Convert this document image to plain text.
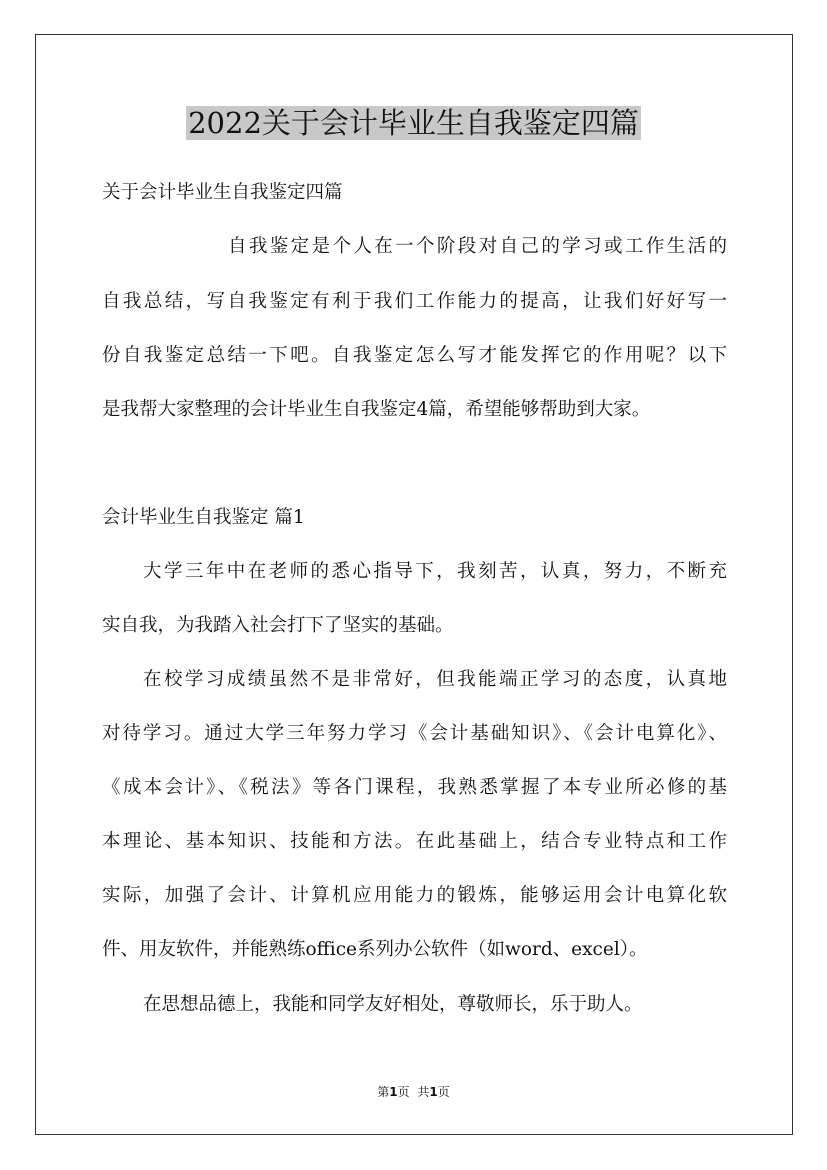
2022关于会计毕业生自我鉴定四篇
关于会计毕业生自我鉴定四篇
自我鉴定是个人在一个阶段对自己的学习或工作生活的
自我总结，写自我鉴定有利于我们工作能力的提高，让我们好好写一
份自我鉴定总结一下吧。自我鉴定怎么写才能发挥它的作用呢？以下
是我帮大家整理的会计毕业生自我鉴定4篇，希望能够帮助到大家。
会计毕业生自我鉴定 篇1
大学三年中在老师的悉心指导下，我刻苦，认真，努力，不断充
实自我，为我踏入社会打下了坚实的基础。
在校学习成绩虽然不是非常好，但我能端正学习的态度，认真地
对待学习。通过大学三年努力学习《会计基础知识》、《会计电算化》、
《成本会计》、《税法》等各门课程，我熟悉掌握了本专业所必修的基
本理论、基本知识、技能和方法。在此基础上，结合专业特点和工作
实际，加强了会计、计算机应用能力的锻炼，能够运用会计电算化软
件、用友软件，并能熟练office系列办公软件（如word、excel）。
在思想品德上，我能和同学友好相处，尊敬师长，乐于助人。
第1页 共1页
